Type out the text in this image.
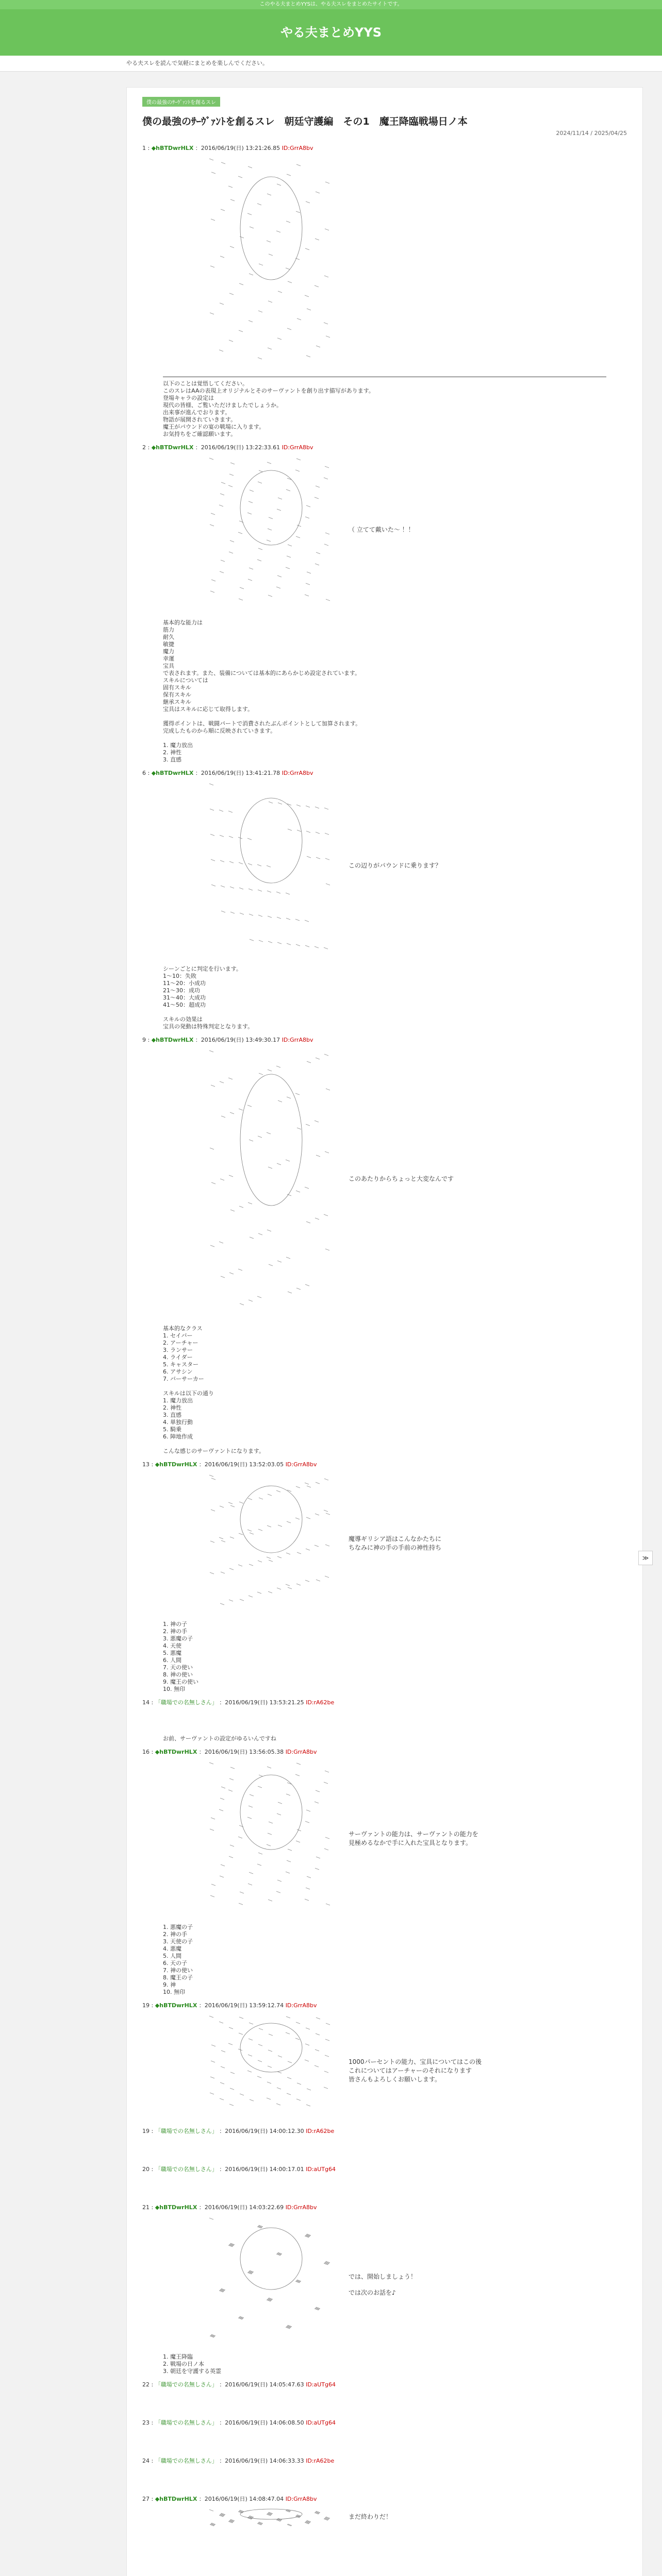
このやる夫まとめYYSは、やる夫スレをまとめたサイトです。
やる夫まとめYYS
やる夫スレを読んで気軽にまとめを楽しんでください。
僕の最強のｻｰｳﾞｧﾝﾄを創るスレ
僕の最強のｻｰｳﾞｧﾝﾄを創るスレ　朝廷守護編　その1　魔王降臨戦場日ノ本
2024/11/14 / 2025/04/25
1 : ◆hBTDwrHLX ：2016/06/19(日) 13:21:26.85 ID:GrrA8bv
以下のことは覚悟してください。
このスレはAAの表現上オリジナルとそのサーヴァントを創り出す描写があります。
登場キャラの設定は
現代の皆様、ご覧いただけましたでしょうか。
出来事が進んでおります。
物語が展開されていきます。
魔王がパウンドの宴の戦場に入ります。
お気持ちをご確認願います。
2 : ◆hBTDwrHLX ：2016/06/19(日) 13:22:33.61 ID:GrrA8bv
（ 立てて戴いた〜 ！！
基本的な能力は
筋力
耐久
敏捷
魔力
幸運
宝具
で表されます。また、装備については基本的にあらかじめ設定されています。
スキルについては
固有スキル
保有スキル
継承スキル
宝具はスキルに応じて取得します。

獲得ポイントは、戦闘パートで消費されたぶんポイントとして加算されます。
完成したものから順に反映されていきます。

1. 魔力放出
2. 神性
3. 直感
6 : ◆hBTDwrHLX ：2016/06/19(日) 13:41:21.78 ID:GrrA8bv
この辺りがパウンドに乗ります？
シーンごとに判定を行います。
1〜10：失敗
11〜20：小成功
21〜30：成功
31〜40：大成功
41〜50：超成功

スキルの効果は
宝具の発動は特殊判定となります。
9 : ◆hBTDwrHLX ：2016/06/19(日) 13:49:30.17 ID:GrrA8bv
このあたりからちょっと大変なんです
基本的なクラス
1. セイバー
2. アーチャー
3. ランサー
4. ライダー
5. キャスター
6. アサシン
7. バーサーカー

スキルは以下の通り
1. 魔力放出
2. 神性
3. 直感
4. 単独行動
5. 騎乗
6. 陣地作成

こんな感じのサーヴァントになります。
13 : ◆hBTDwrHLX ：2016/06/19(日) 13:52:03.05 ID:GrrA8bv
魔導ギリシア語はこんなかたちに
ちなみに神の手の手前の神性持ち
1. 神の子
2. 神の手
3. 悪魔の子
4. 天使
5. 悪魔
6. 人間
7. 天の使い
8. 神の使い
9. 魔王の使い
10. 無印
14 : 「職場での名無しさん」 ：2016/06/19(日) 13:53:21.25 ID:rA62be
お前、サーヴァントの設定がゆるいんですね
16 : ◆hBTDwrHLX ：2016/06/19(日) 13:56:05.38 ID:GrrA8bv
サーヴァントの能力は、サーヴァントの能力を
見極めるなかで手に入れた宝具となります。
1. 悪魔の子
2. 神の手
3. 天使の子
4. 悪魔
5. 人間
6. 天の子
7. 神の使い
8. 魔王の子
9. 神
10. 無印
19 : ◆hBTDwrHLX ：2016/06/19(日) 13:59:12.74 ID:GrrA8bv
1000パーセントの能力、宝具についてはこの後
これについてはアーチャーのそれになります
皆さんもよろしくお願いします。
19 : 「職場での名無しさん」 ：2016/06/19(日) 14:00:12.30 ID:rA62be
20 : 「職場での名無しさん」 ：2016/06/19(日) 14:00:17.01 ID:aUTg64
21 : ◆hBTDwrHLX ：2016/06/19(日) 14:03:22.69 ID:GrrA8bv
では、開始しましょう！

では次のお話を♪
1. 魔王降臨
2. 戦場の日ノ本
3. 朝廷を守護する英霊
22 : 「職場での名無しさん」 ：2016/06/19(日) 14:05:47.63 ID:aUTg64
23 : 「職場での名無しさん」 ：2016/06/19(日) 14:06:08.50 ID:aUTg64
24 : 「職場での名無しさん」 ：2016/06/19(日) 14:06:33.33 ID:rA62be
27 : ◆hBTDwrHLX ：2016/06/19(日) 14:08:47.04 ID:GrrA8bv
まだ終わりだ！
≫
